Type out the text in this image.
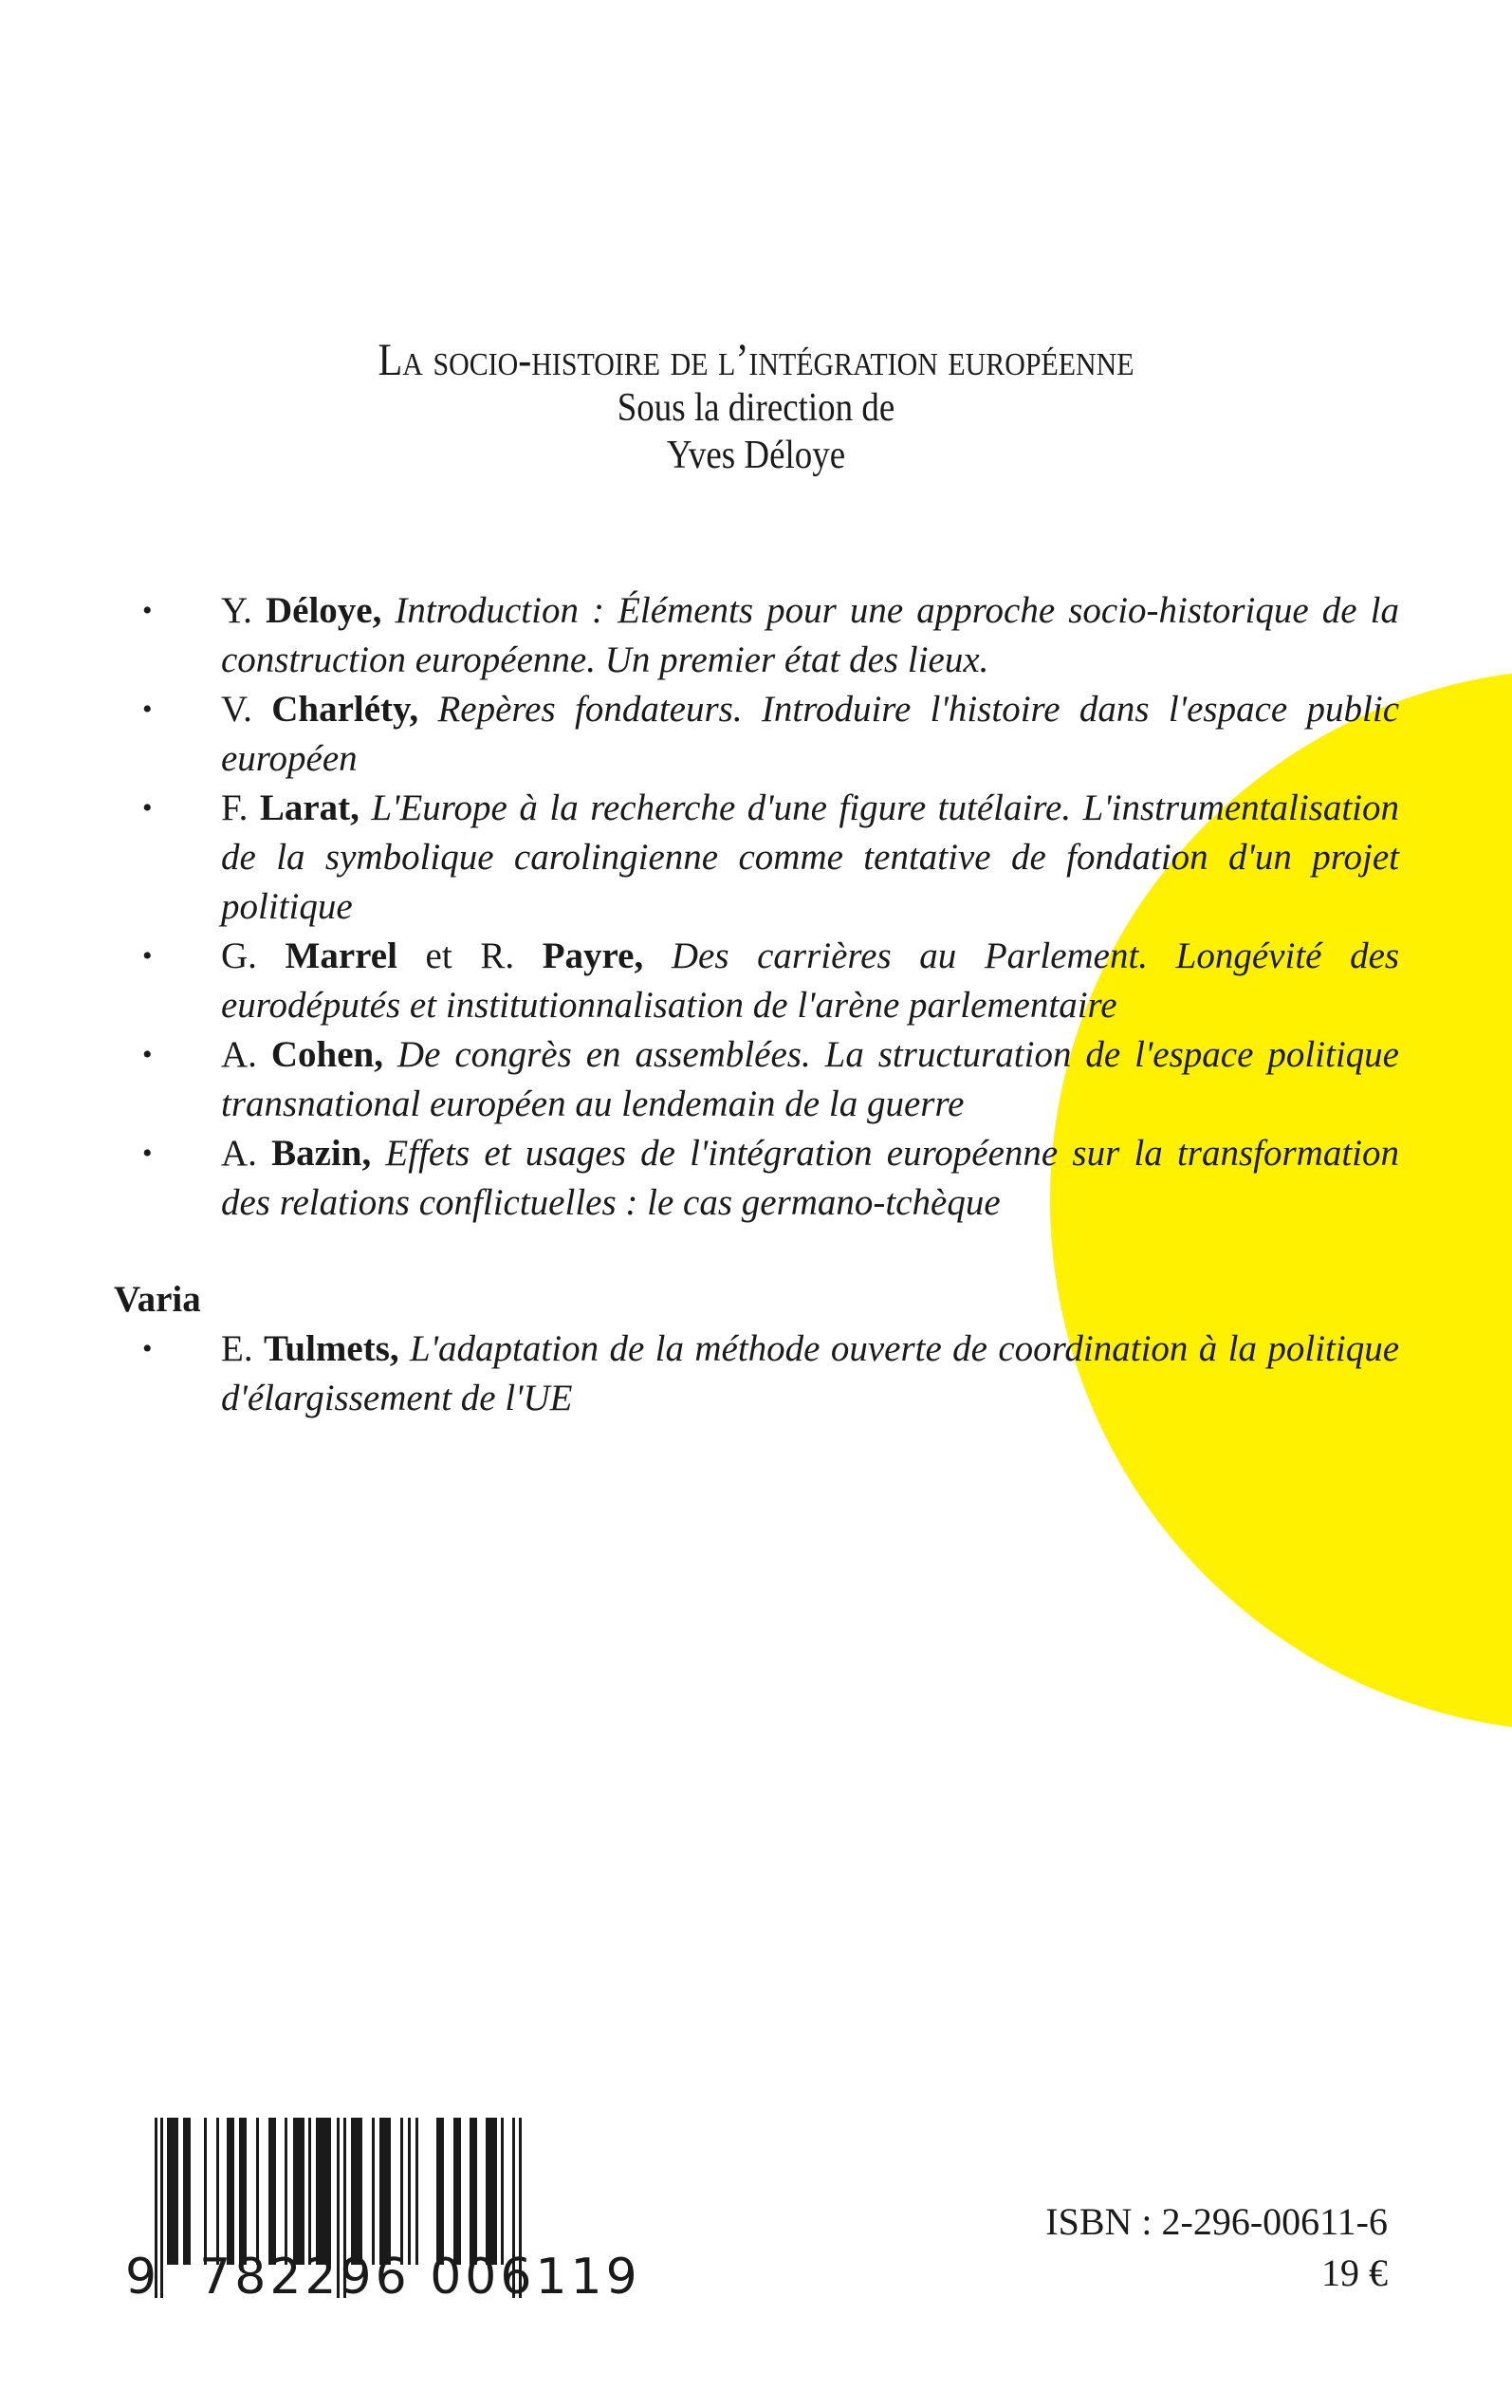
La socio-histoire de l’intégration européenne
Sous la direction de
Yves Déloye

• Y. Déloye, Introduction : Éléments pour une approche socio-historique de la construction européenne. Un premier état des lieux.

• V. Charléty, Repères fondateurs. Introduire l'histoire dans l'espace public européen

• F. Larat, L'Europe à la recherche d'une figure tutélaire. L'instrumentalisation de la symbolique carolingienne comme tentative de fondation d'un projet politique

• G. Marrel et R. Payre, Des carrières au Parlement. Longévité des eurodéputés et institutionnalisation de l'arène parlementaire

• A. Cohen, De congrès en assemblées. La structuration de l'espace politique transnational européen au lendemain de la guerre

• A. Bazin, Effets et usages de l'intégration européenne sur la transformation des relations conflictuelles : le cas germano-tchèque

Varia

• E. Tulmets, L'adaptation de la méthode ouverte de coordination à la politique d'élargissement de l'UE

9 782296 006119
ISBN : 2-296-00611-6
19 €
